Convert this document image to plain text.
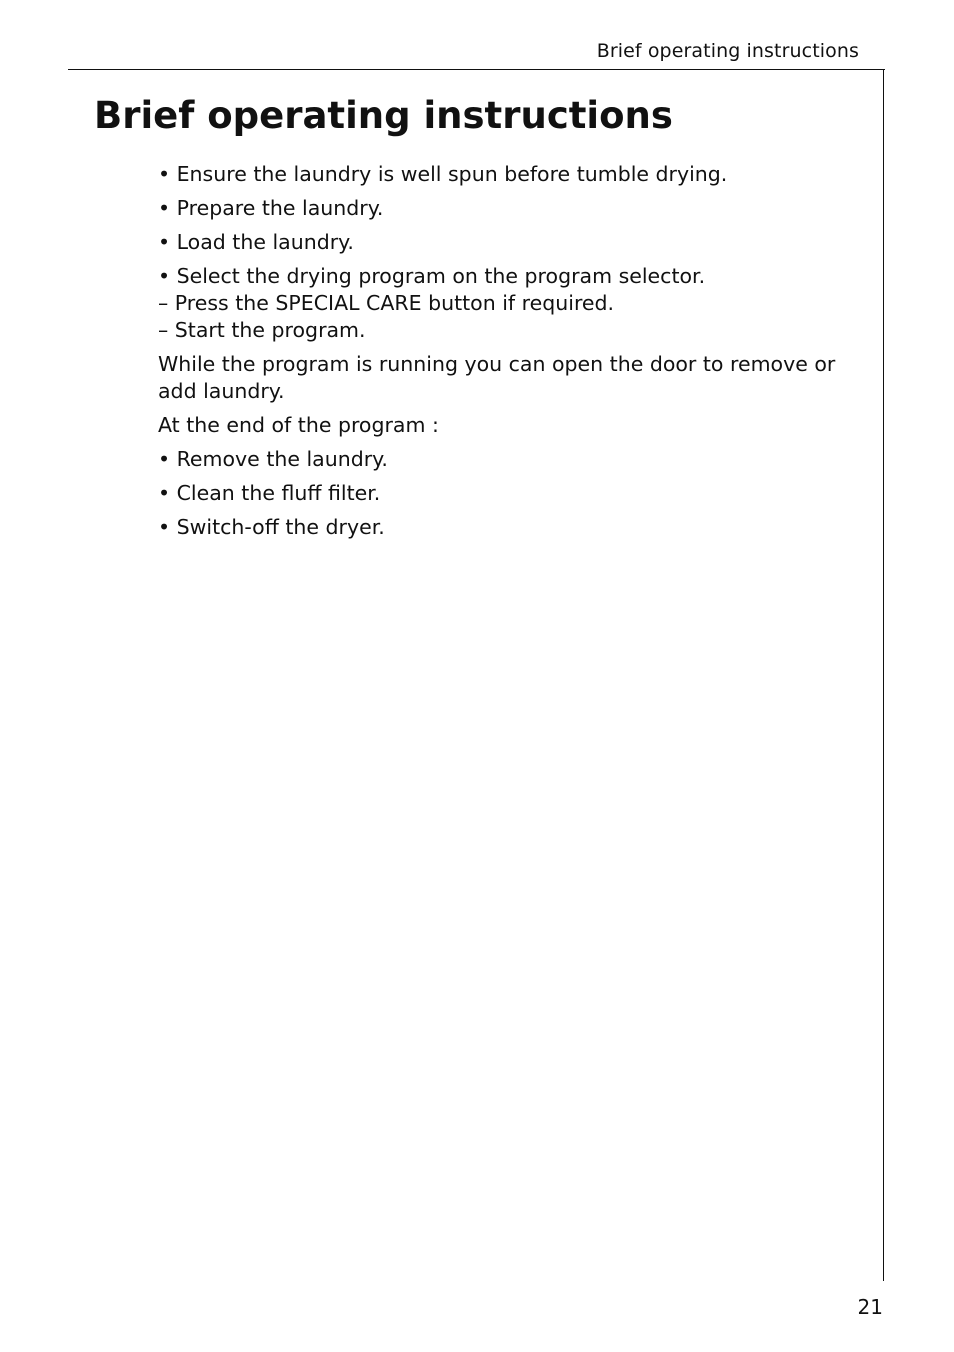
Brief operating instructions
Brief operating instructions

• Ensure the laundry is well spun before tumble drying.

• Prepare the laundry.

• Load the laundry.

• Select the drying program on the program selector.
– Press the SPECIAL CARE button if required.
– Start the program.

While the program is running you can open the door to remove or add laundry.

At the end of the program :

• Remove the laundry.

• Clean the fluff filter.

• Switch-off the dryer.

21
